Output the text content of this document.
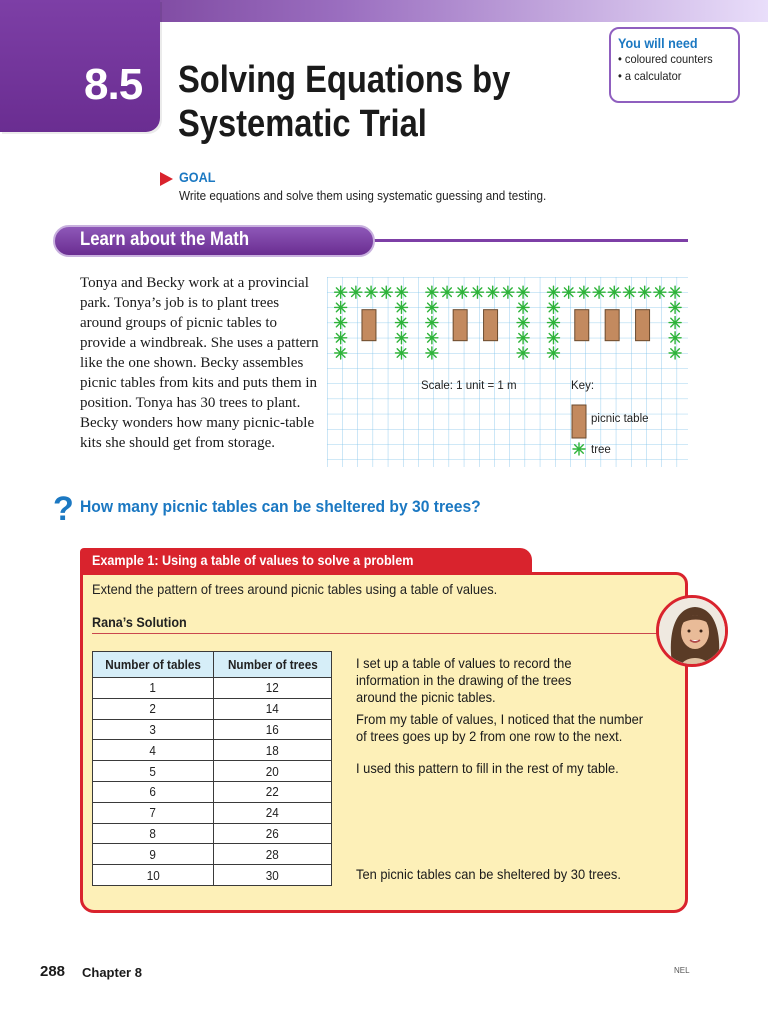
8.5 Solving Equations by
Systematic Trial
You will need
• coloured counters
• a calculator
GOAL
Write equations and solve them using systematic guessing and testing.
Learn about the Math
Tonya and Becky work at a provincial park. Tonya’s job is to plant trees around groups of picnic tables to provide a windbreak. She uses a pattern like the one shown. Becky assembles picnic tables from kits and puts them in position. Tonya has 30 trees to plant. Becky wonders how many picnic-table kits she should get from storage.
Scale: 1 unit = 1 m	Key:
picnic table
tree
? How many picnic tables can be sheltered by 30 trees?
Example 1: Using a table of values to solve a problem
Extend the pattern of trees around picnic tables using a table of values.
Rana’s Solution
Number of tables	Number of trees
1	12
2	14
3	16
4	18
5	20
6	22
7	24
8	26
9	28
10	30
I set up a table of values to record the
information in the drawing of the trees
around the picnic tables.
From my table of values, I noticed that the number
of trees goes up by 2 from one row to the next.
I used this pattern to fill in the rest of my table.
Ten picnic tables can be sheltered by 30 trees.
288 Chapter 8	NEL
